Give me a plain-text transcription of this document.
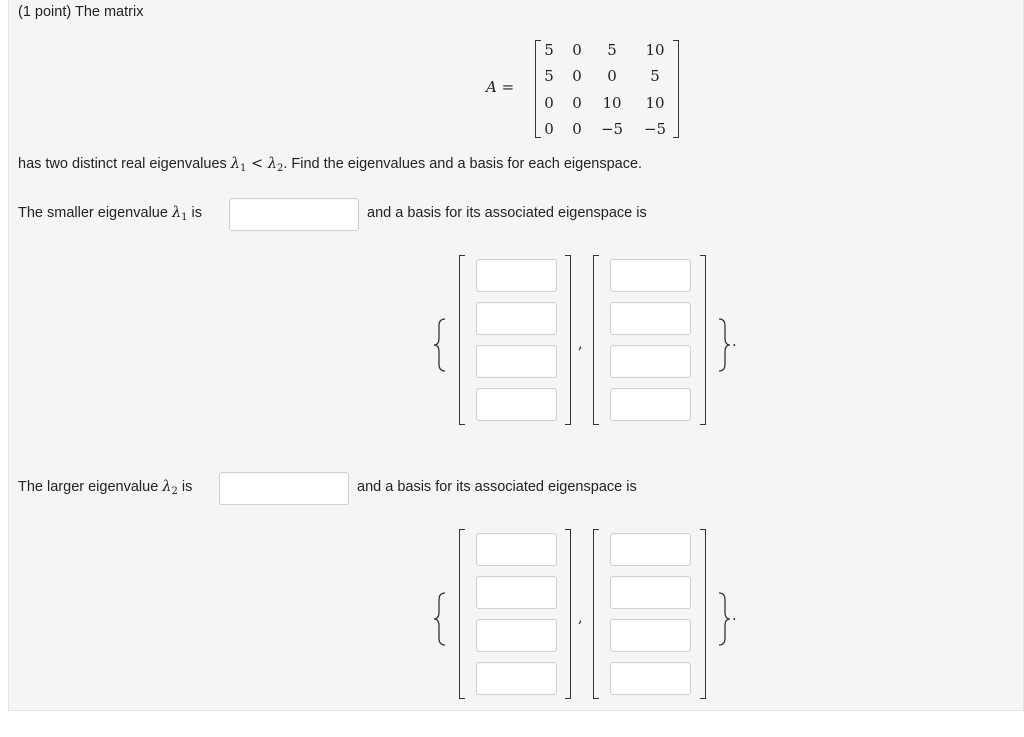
(1 point) The matrix
A =
5	0	5	10
5	0	0	5
0	0	10	10
0	0	−5 −5
has two distinct real eigenvalues $\lambda_1 < \lambda_2$. Find the eigenvalues and a basis for each eigenspace.
The smaller eigenvalue $\lambda_1$ is	and a basis for its associated eigenspace is
,	.
The larger eigenvalue $\lambda_2$ is	and a basis for its associated eigenspace is
,	.
